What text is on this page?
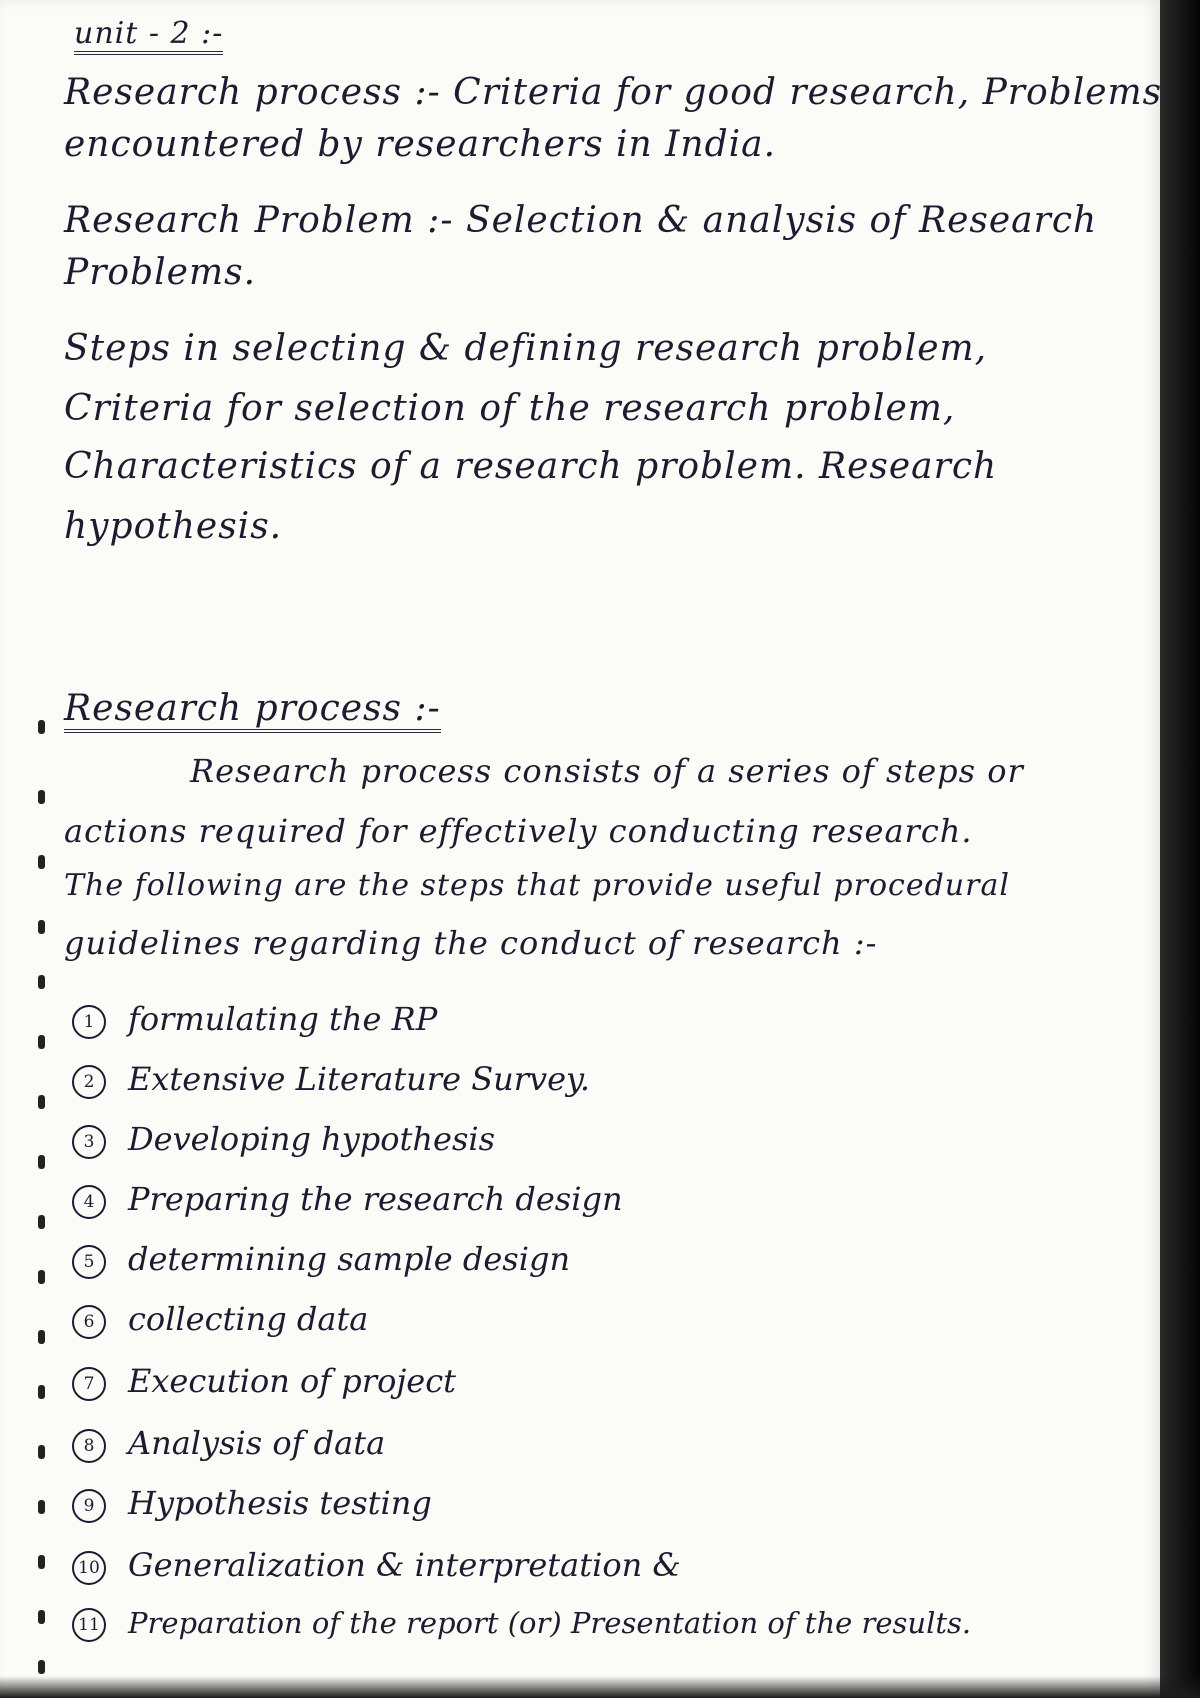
unit - 2 :-
Research process :- Criteria for good research, Problems
encountered by researchers in India.
Research Problem :- Selection & analysis of Research
Problems.
Steps in selecting & defining research problem,
Criteria for selection of the research problem,
Characteristics of a research problem. Research
hypothesis.
Research process :-
Research process consists of a series of steps or
actions required for effectively conducting research.
The following are the steps that provide useful procedural
guidelines regarding the conduct of research :-
1 formulating the RP
2 Extensive Literature Survey.
3 Developing hypothesis
4 Preparing the research design
5 determining sample design
6 collecting data
7 Execution of project
8 Analysis of data
9 Hypothesis testing
10 Generalization & interpretation &
11 Preparation of the report (or) Presentation of the results.
